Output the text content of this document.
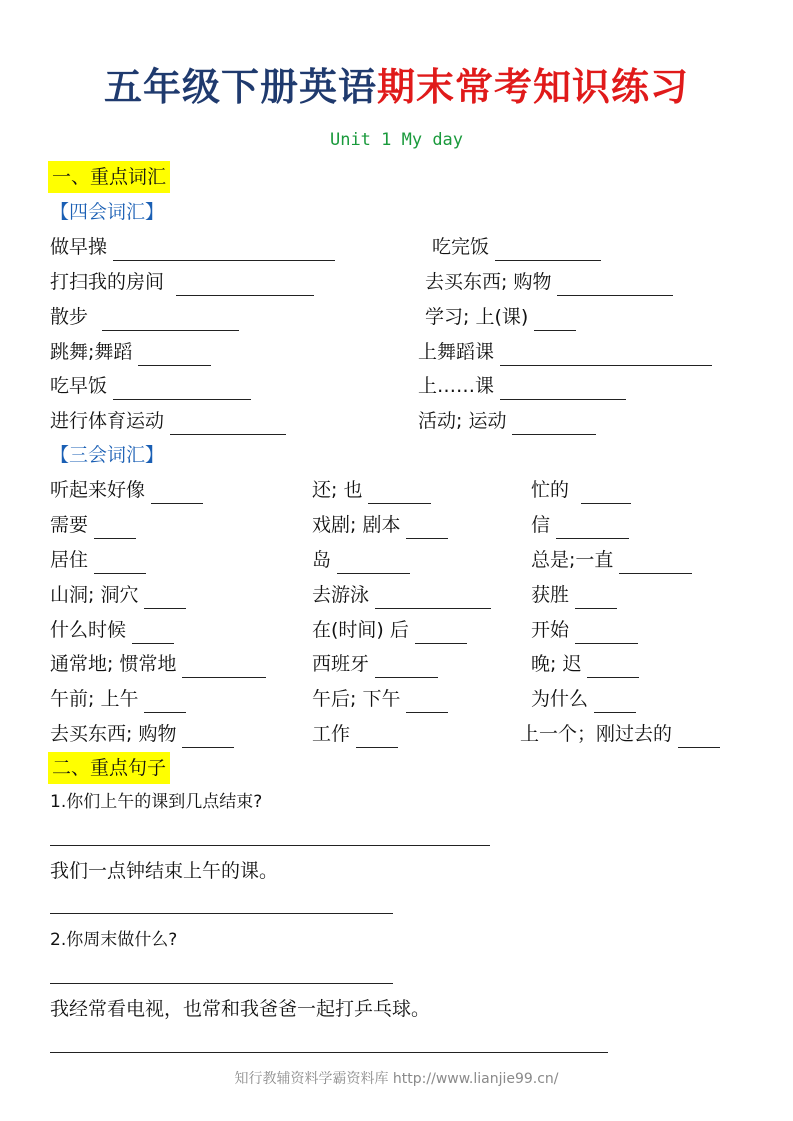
五年级下册英语期末常考知识练习
Unit 1 My day
一、重点词汇
【四会词汇】
做早操	吃完饭
打扫我的房间	去买东西; 购物
散步	学习; 上(课)
跳舞;舞蹈	上舞蹈课
吃早饭	上……课
进行体育运动	活动; 运动
【三会词汇】
听起来好像	还; 也	忙的
需要	戏剧; 剧本	信
居住	岛	总是;一直
山洞; 洞穴	去游泳	获胜
什么时候	在(时间) 后	开始
通常地; 惯常地	西班牙	晚; 迟
午前; 上午	午后; 下午	为什么
去买东西; 购物	工作	上一个；刚过去的
二、重点句子
1.你们上午的课到几点结束?
我们一点钟结束上午的课。
2.你周末做什么?
我经常看电视，也常和我爸爸一起打乒乓球。
知行教辅资料学霸资料库 http://www.lianjie99.cn/
